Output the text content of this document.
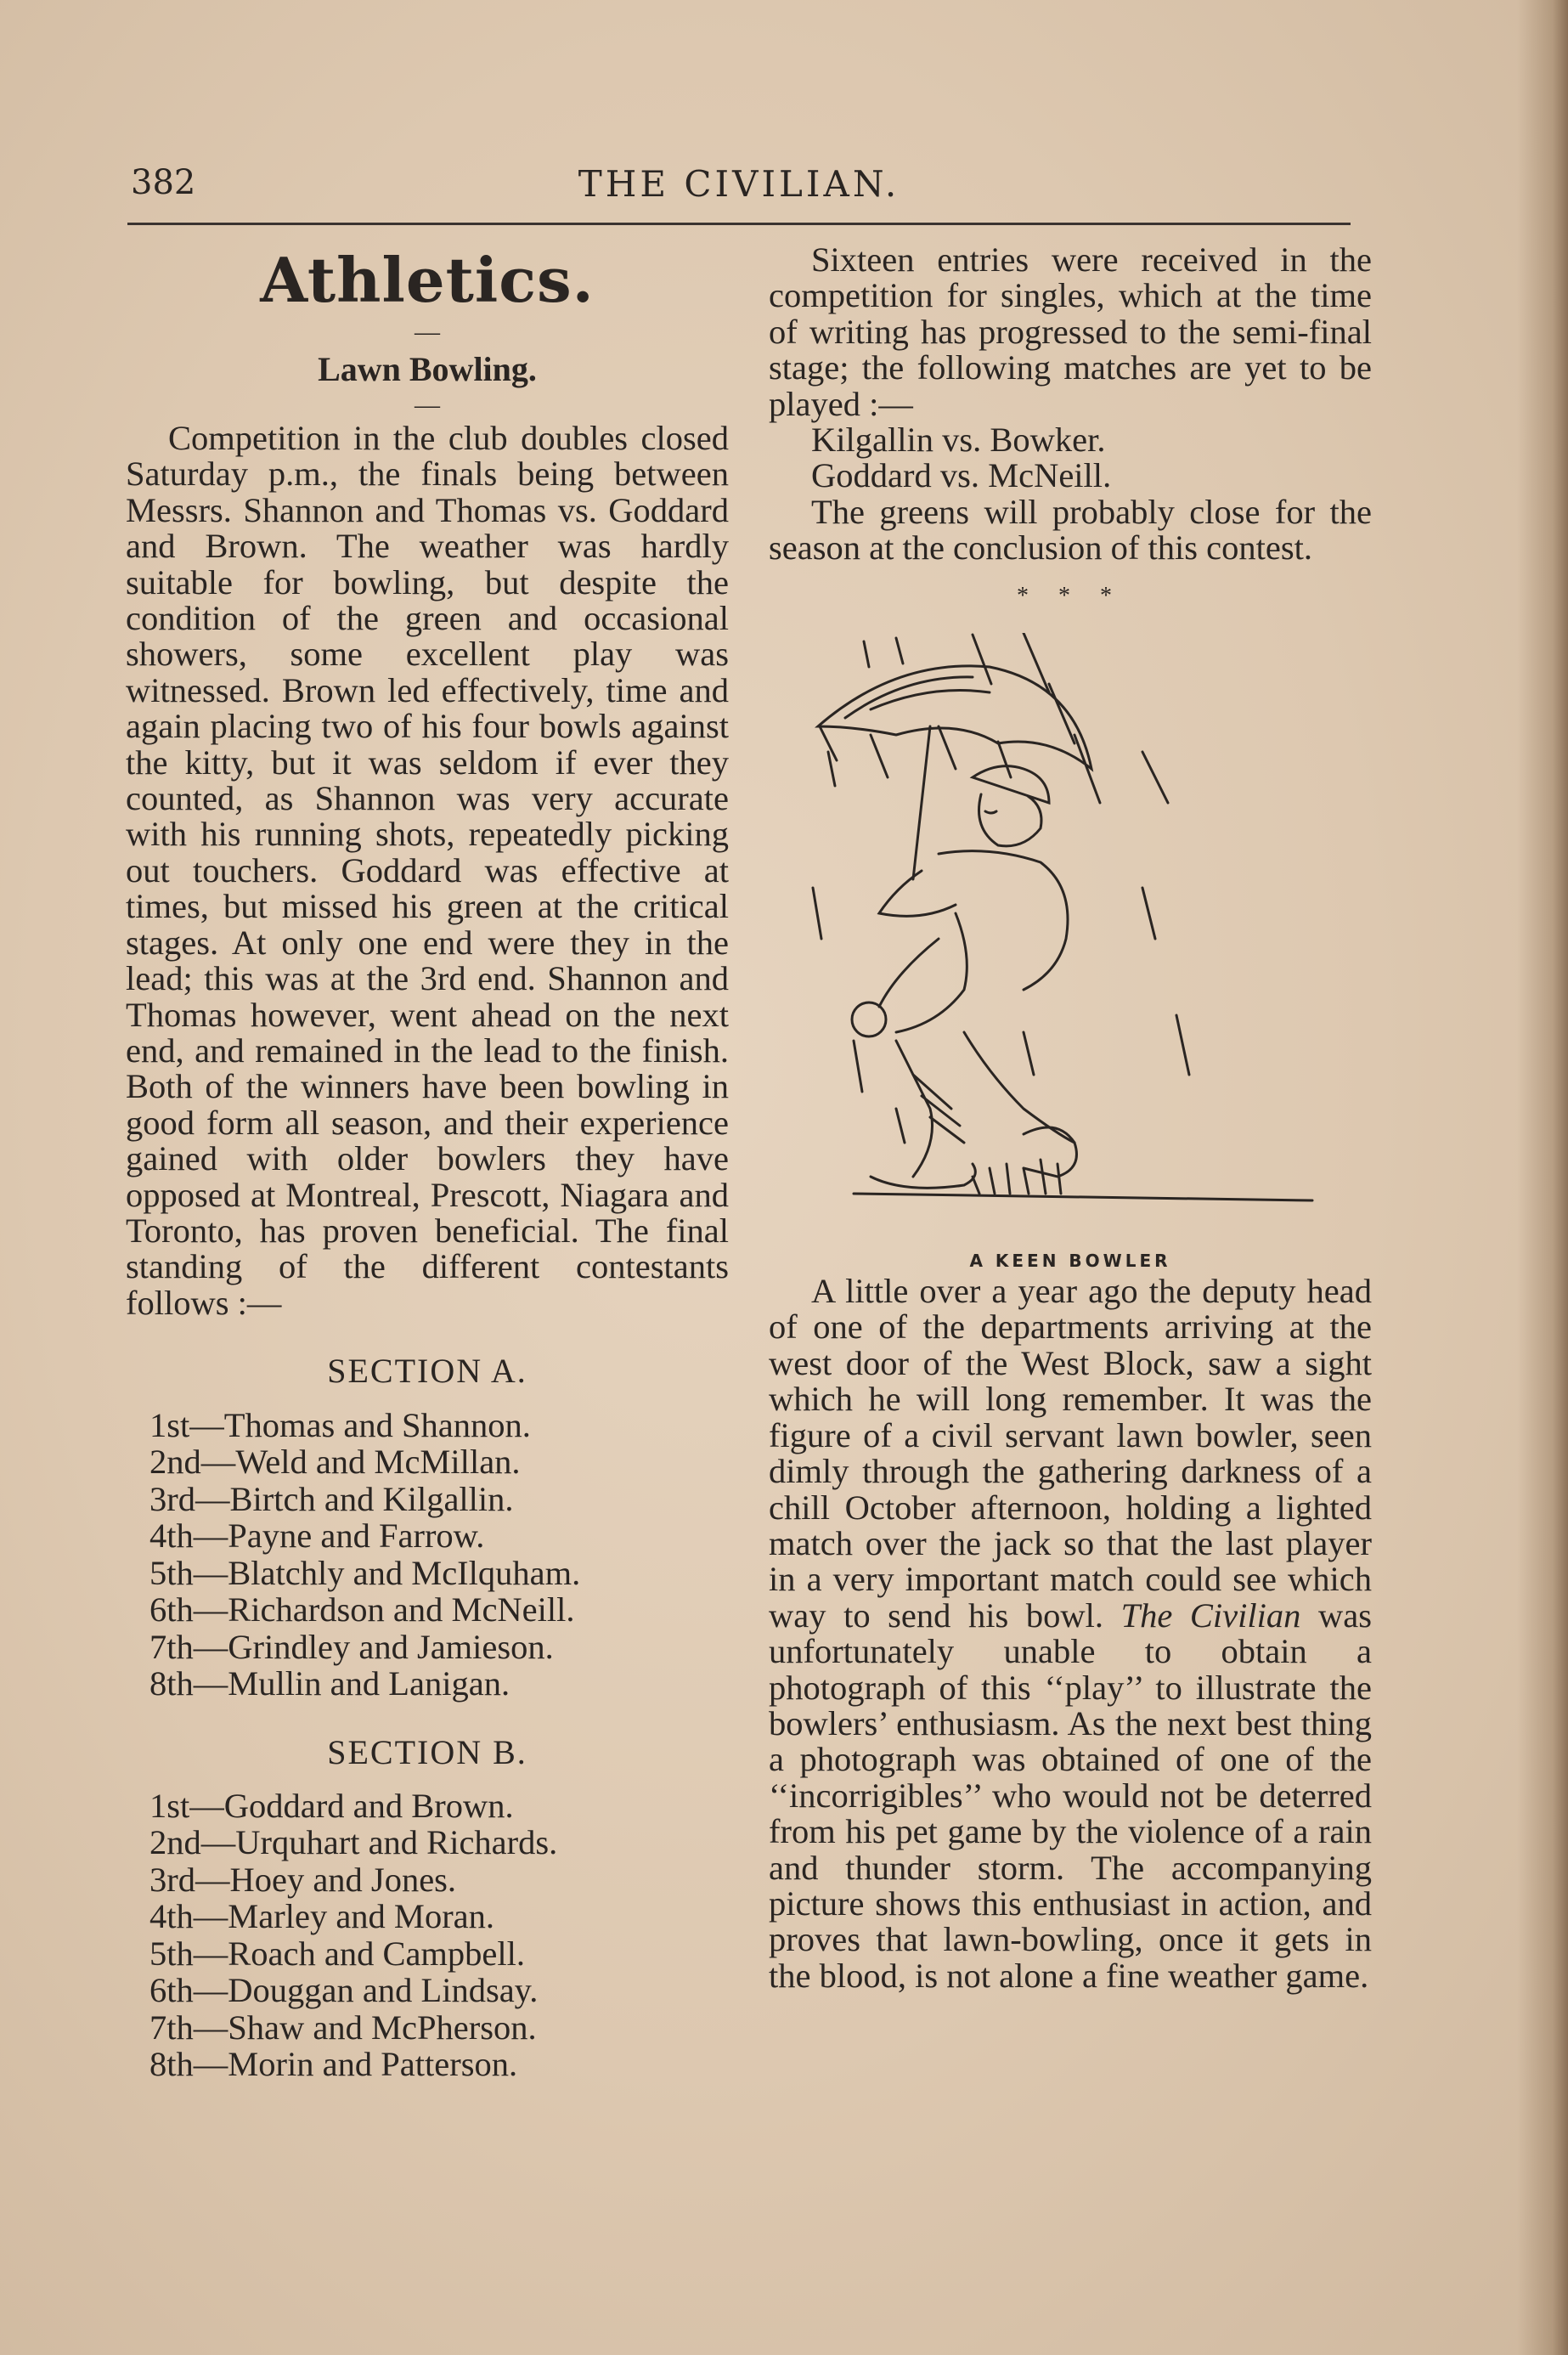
382	THE CIVILIAN.
Athletics.
—
Lawn Bowling.
—

Competition in the club doubles closed Saturday p.m., the finals being between Messrs. Shannon and Thomas vs. Goddard and Brown. The weather was hardly suitable for bowling, but despite the condition of the green and occasional showers, some excellent play was witnessed. Brown led effectively, time and again placing two of his four bowls against the kitty, but it was seldom if ever they counted, as Shannon was very accurate with his running shots, repeatedly picking out touchers. Goddard was effective at times, but missed his green at the critical stages. At only one end were they in the lead; this was at the 3rd end. Shannon and Thomas however, went ahead on the next end, and remained in the lead to the finish. Both of the winners have been bowling in good form all season, and their experience gained with older bowlers they have opposed at Montreal, Prescott, Niagara and Toronto, has proven beneficial. The final standing of the different contestants follows :—

SECTION A.
1st—Thomas and Shannon.
2nd—Weld and McMillan.
3rd—Birtch and Kilgallin.
4th—Payne and Farrow.
5th—Blatchly and McIlquham.
6th—Richardson and McNeill.
7th—Grindley and Jamieson.
8th—Mullin and Lanigan.
SECTION B.
1st—Goddard and Brown.
2nd—Urquhart and Richards.
3rd—Hoey and Jones.
4th—Marley and Moran.
5th—Roach and Campbell.
6th—Douggan and Lindsay.
7th—Shaw and McPherson.
8th—Morin and Patterson.

Sixteen entries were received in the competition for singles, which at the time of writing has progressed to the semi-final stage; the following matches are yet to be played :—

Kilgallin vs. Bowker.

Goddard vs. McNeill.

The greens will probably close for the season at the conclusion of this contest.

* * *
A KEEN BOWLER

A little over a year ago the deputy head of one of the departments arriving at the west door of the West Block, saw a sight which he will long remember. It was the figure of a civil servant lawn bowler, seen dimly through the gathering darkness of a chill October afternoon, holding a lighted match over the jack so that the last player in a very important match could see which way to send his bowl. The Civilian was unfortunately unable to obtain a photograph of this ‘‘play’’ to illustrate the bowlers’ enthusiasm. As the next best thing a photograph was obtained of one of the ‘‘incorrigibles’’ who would not be deterred from his pet game by the violence of a rain and thunder storm. The accompanying picture shows this enthusiast in action, and proves that lawn-bowling, once it gets in the blood, is not alone a fine weather game.
